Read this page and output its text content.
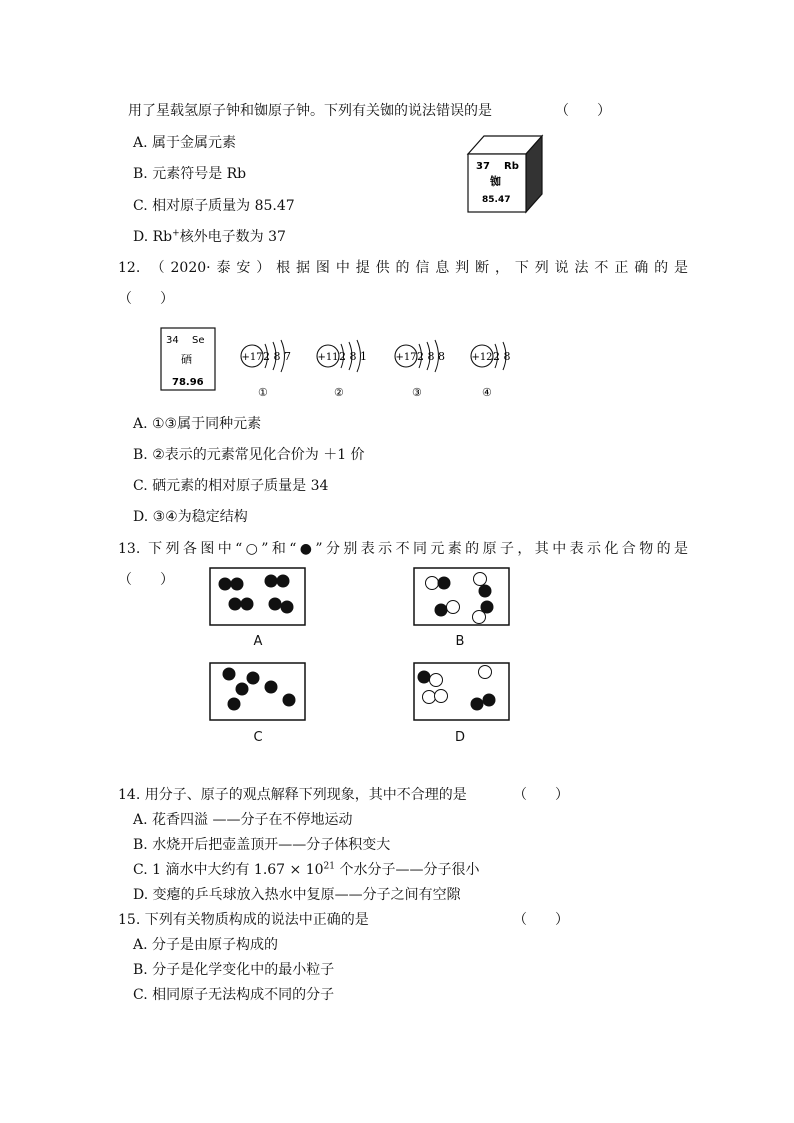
用了星载氢原子钟和铷原子钟。下列有关铷的说法错误的是	（　　）
A. 属于金属元素
B. 元素符号是 Rb
C. 相对原子质量为 85.47
D. Rb+核外电子数为 37
37 Rb
铷
85.47
12. （2020·泰安）根据图中提供的信息判断，下列说法不正确的是
（　　）
34 Se
硒
78.96
+17 2 8 7
①
+11 2 8 1
②
+17 2 8 8
③
+12 2 8
④
A. ①③属于同种元素
B. ②表示的元素常见化合价为 ＋1 价
C. 硒元素的相对原子质量是 34
D. ③④为稳定结构
13. 下列各图中“○”和“●”分别表示不同元素的原子，其中表示化合物的是
（　　）
A	B
C	D
14. 用分子、原子的观点解释下列现象，其中不合理的是	（　　）
A. 花香四溢 ——分子在不停地运动
B. 水烧开后把壶盖顶开——分子体积变大
C. 1 滴水中大约有 $1.67 \times 10^{21}$ 个水分子——分子很小
D. 变瘪的乒乓球放入热水中复原——分子之间有空隙
15. 下列有关物质构成的说法中正确的是	（　　）
A. 分子是由原子构成的
B. 分子是化学变化中的最小粒子
C. 相同原子无法构成不同的分子
